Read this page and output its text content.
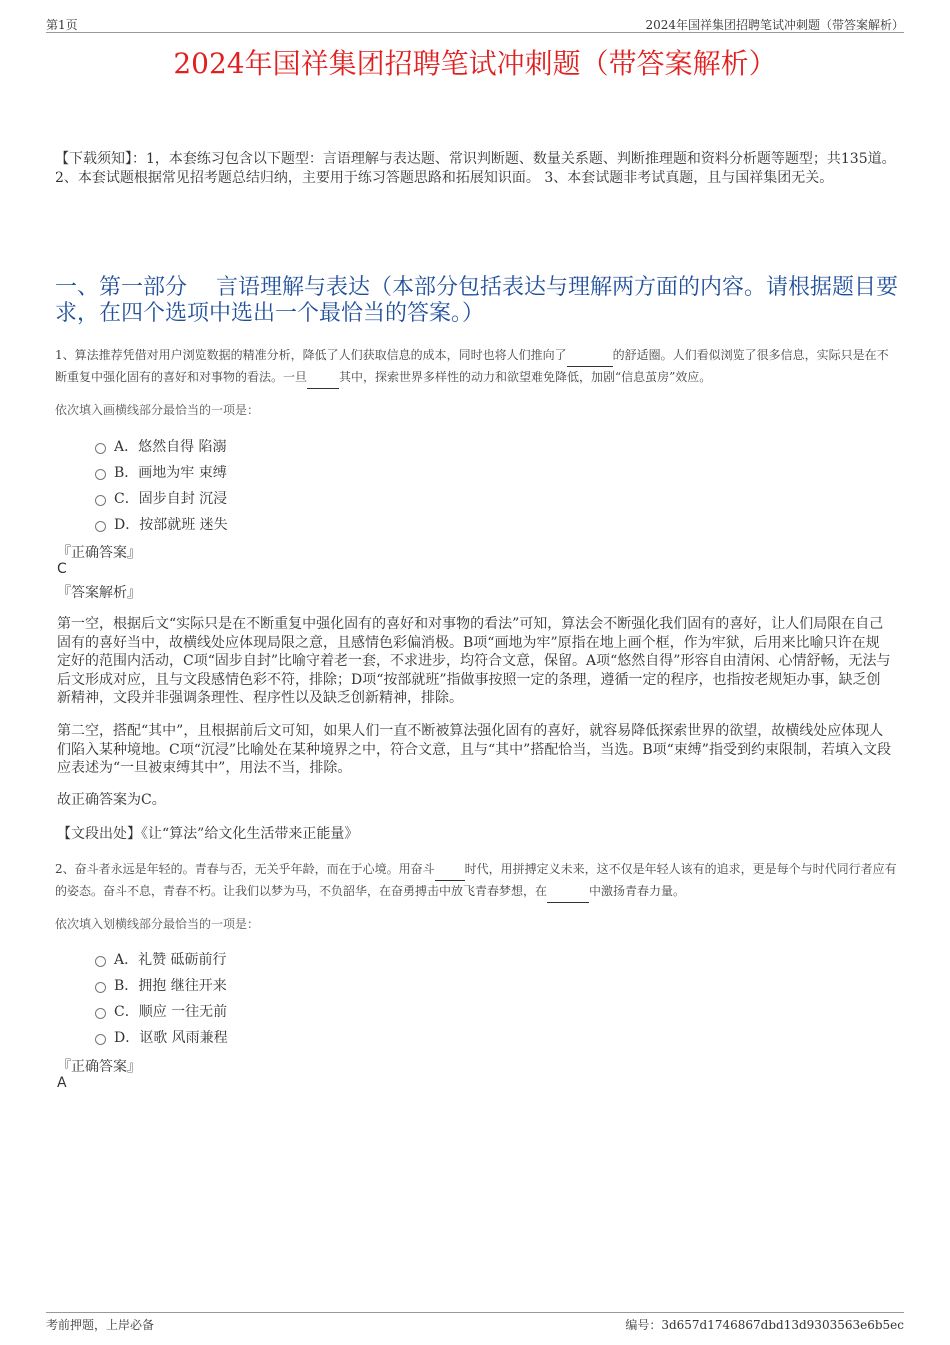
第1页	2024年国祥集团招聘笔试冲刺题（带答案解析）
2024年国祥集团招聘笔试冲刺题（带答案解析）
【下载须知】：1，本套练习包含以下题型：言语理解与表达题、常识判断题、数量关系题、判断推理题和资料分析题等题型；共135道。 2、本套试题根据常见招考题总结归纳，主要用于练习答题思路和拓展知识面。 3、本套试题非考试真题，且与国祥集团无关。
一、第一部分　 言语理解与表达（本部分包括表达与理解两方面的内容。请根据题目要求，在四个选项中选出一个最恰当的答案。）
1、算法推荐凭借对用户浏览数据的精准分析，降低了人们获取信息的成本，同时也将人们推向了	的舒适圈。人们看似浏览了很多信息，实际只是在不断重复中强化固有的喜好和对事物的看法。一旦	其中，探索世界多样性的动力和欲望难免降低，加剧“信息茧房”效应。
依次填入画横线部分最恰当的一项是：
A．悠然自得 陷溺
B．画地为牢 束缚
C．固步自封 沉浸
D．按部就班 迷失
『正确答案』
C
『答案解析』
第一空，根据后文“实际只是在不断重复中强化固有的喜好和对事物的看法”可知，算法会不断强化我们固有的喜好，让人们局限在自己固有的喜好当中，故横线处应体现局限之意，且感情色彩偏消极。B项“画地为牢”原指在地上画个框，作为牢狱，后用来比喻只许在规定好的范围内活动，C项“固步自封”比喻守着老一套，不求进步，均符合文意，保留。A项“悠然自得”形容自由清闲、心情舒畅，无法与后文形成对应，且与文段感情色彩不符，排除；D项“按部就班”指做事按照一定的条理，遵循一定的程序，也指按老规矩办事，缺乏创新精神，文段并非强调条理性、程序性以及缺乏创新精神，排除。
第二空，搭配“其中”，且根据前后文可知，如果人们一直不断被算法强化固有的喜好，就容易降低探索世界的欲望，故横线处应体现人们陷入某种境地。C项“沉浸”比喻处在某种境界之中，符合文意，且与“其中”搭配恰当，当选。B项“束缚”指受到约束限制，若填入文段应表述为“一旦被束缚其中”，用法不当，排除。
故正确答案为C。
【文段出处】《让“算法”给文化生活带来正能量》
2、奋斗者永远是年轻的。青春与否，无关乎年龄，而在于心境。用奋斗	时代，用拼搏定义未来，这不仅是年轻人该有的追求，更是每个与时代同行者应有的姿态。奋斗不息，青春不朽。让我们以梦为马，不负韶华，在奋勇搏击中放飞青春梦想，在	中激扬青春力量。
依次填入划横线部分最恰当的一项是：
A．礼赞 砥砺前行
B．拥抱 继往开来
C．顺应 一往无前
D．讴歌 风雨兼程
『正确答案』
A
考前押题，上岸必备	编号：3d657d1746867dbd13d9303563e6b5ec
